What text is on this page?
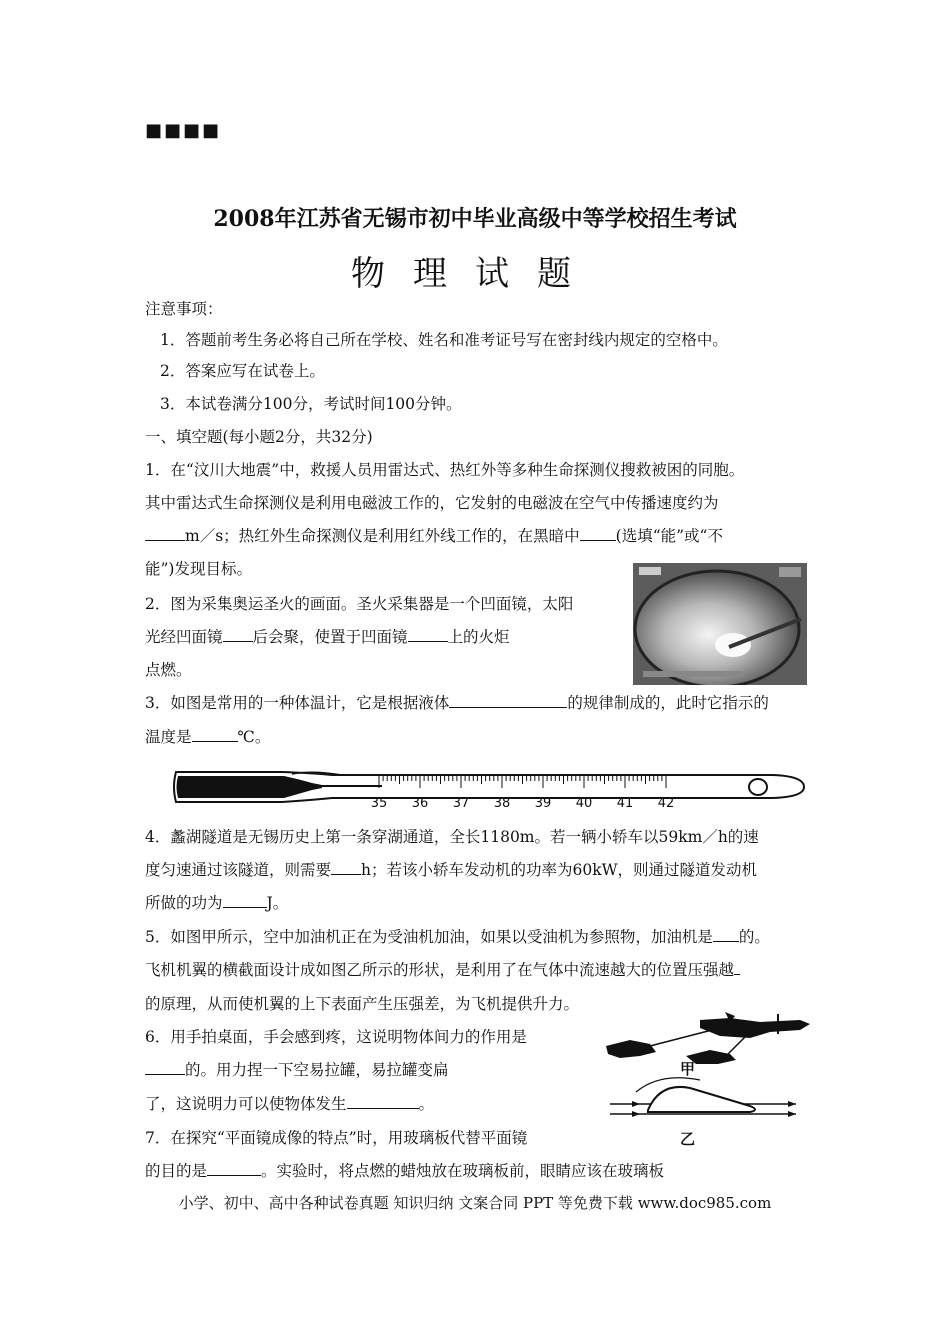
■■■■
2008年江苏省无锡市初中毕业高级中等学校招生考试
物理试题
注意事项：
1．答题前考生务必将自己所在学校、姓名和准考证号写在密封线内规定的空格中。
2．答案应写在试卷上。
3．本试卷满分100分，考试时间100分钟。
一、填空题(每小题2分，共32分)
1．在“汶川大地震”中，救援人员用雷达式、热红外等多种生命探测仪搜救被困的同胞。
其中雷达式生命探测仪是利用电磁波工作的，它发射的电磁波在空气中传播速度约为
m／s；热红外生命探测仪是利用红外线工作的，在黑暗中 (选填“能”或“不
能”)发现目标。
2．图为采集奥运圣火的画面。圣火采集器是一个凹面镜，太阳
光经凹面镜 后会聚，使置于凹面镜	上的火炬
点燃。
3．如图是常用的一种体温计，它是根据液体	的规律制成的，此时它指示的
温度是	℃。
35 36 37 38 39 40 41 42
4．蠡湖隧道是无锡历史上第一条穿湖通道，全长1180m。若一辆小轿车以59km／h的速
度匀速通过该隧道，则需要 h；若该小轿车发动机的功率为60kW，则通过隧道发动机
所做的功为	J。
5．如图甲所示，空中加油机正在为受油机加油，如果以受油机为参照物，加油机是 的。
飞机机翼的横截面设计成如图乙所示的形状，是利用了在气体中流速越大的位置压强越
的原理，从而使机翼的上下表面产生压强差，为飞机提供升力。
6．用手拍桌面，手会感到疼，这说明物体间力的作用是
的。用力捏一下空易拉罐，易拉罐变扁
了，这说明力可以使物体发生	。
7．在探究“平面镜成像的特点”时，用玻璃板代替平面镜
的目的是	。实验时，将点燃的蜡烛放在玻璃板前，眼睛应该在玻璃板
甲
乙
小学、初中、高中各种试卷真题 知识归纳 文案合同 PPT 等免费下载 www.doc985.com
